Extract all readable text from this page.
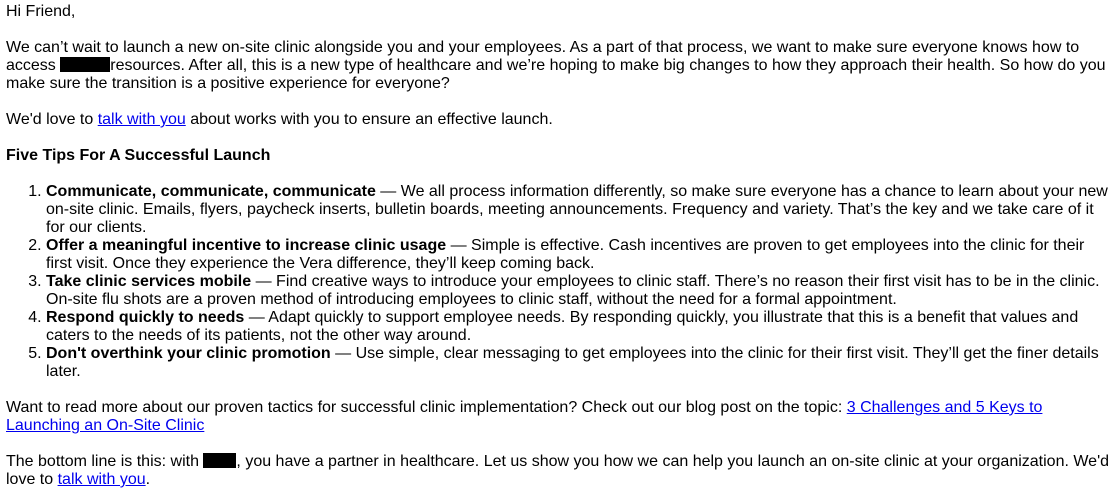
Hi Friend,

We can’t wait to launch a new on-site clinic alongside you and your employees. As a part of that process, we want to make sure everyone knows how to access	resources. After all, this is a new type of healthcare and we’re hoping to make big changes to how they approach their health. So how do you make sure the transition is a positive experience for everyone?

We'd love to talk with you about works with you to ensure an effective launch.

Five Tips For A Successful Launch
1. Communicate, communicate, communicate — We all process information differently, so make sure everyone has a chance to learn about your new on-site clinic. Emails, flyers, paycheck inserts, bulletin boards, meeting announcements. Frequency and variety. That’s the key and we take care of it for our clients.
2. Offer a meaningful incentive to increase clinic usage — Simple is effective. Cash incentives are proven to get employees into the clinic for their first visit. Once they experience the Vera difference, they’ll keep coming back.
3. Take clinic services mobile — Find creative ways to introduce your employees to clinic staff. There’s no reason their first visit has to be in the clinic. On-site flu shots are a proven method of introducing employees to clinic staff, without the need for a formal appointment.
4. Respond quickly to needs — Adapt quickly to support employee needs. By responding quickly, you illustrate that this is a benefit that values and caters to the needs of its patients, not the other way around.
5. Don't overthink your clinic promotion — Use simple, clear messaging to get employees into the clinic for their first visit. They’ll get the finer details later.

Want to read more about our proven tactics for successful clinic implementation? Check out our blog post on the topic: 3 Challenges and 5 Keys to Launching an On-Site Clinic

The bottom line is this: with , you have a partner in healthcare. Let us show you how we can help you launch an on-site clinic at your organization. We'd love to talk with you.
